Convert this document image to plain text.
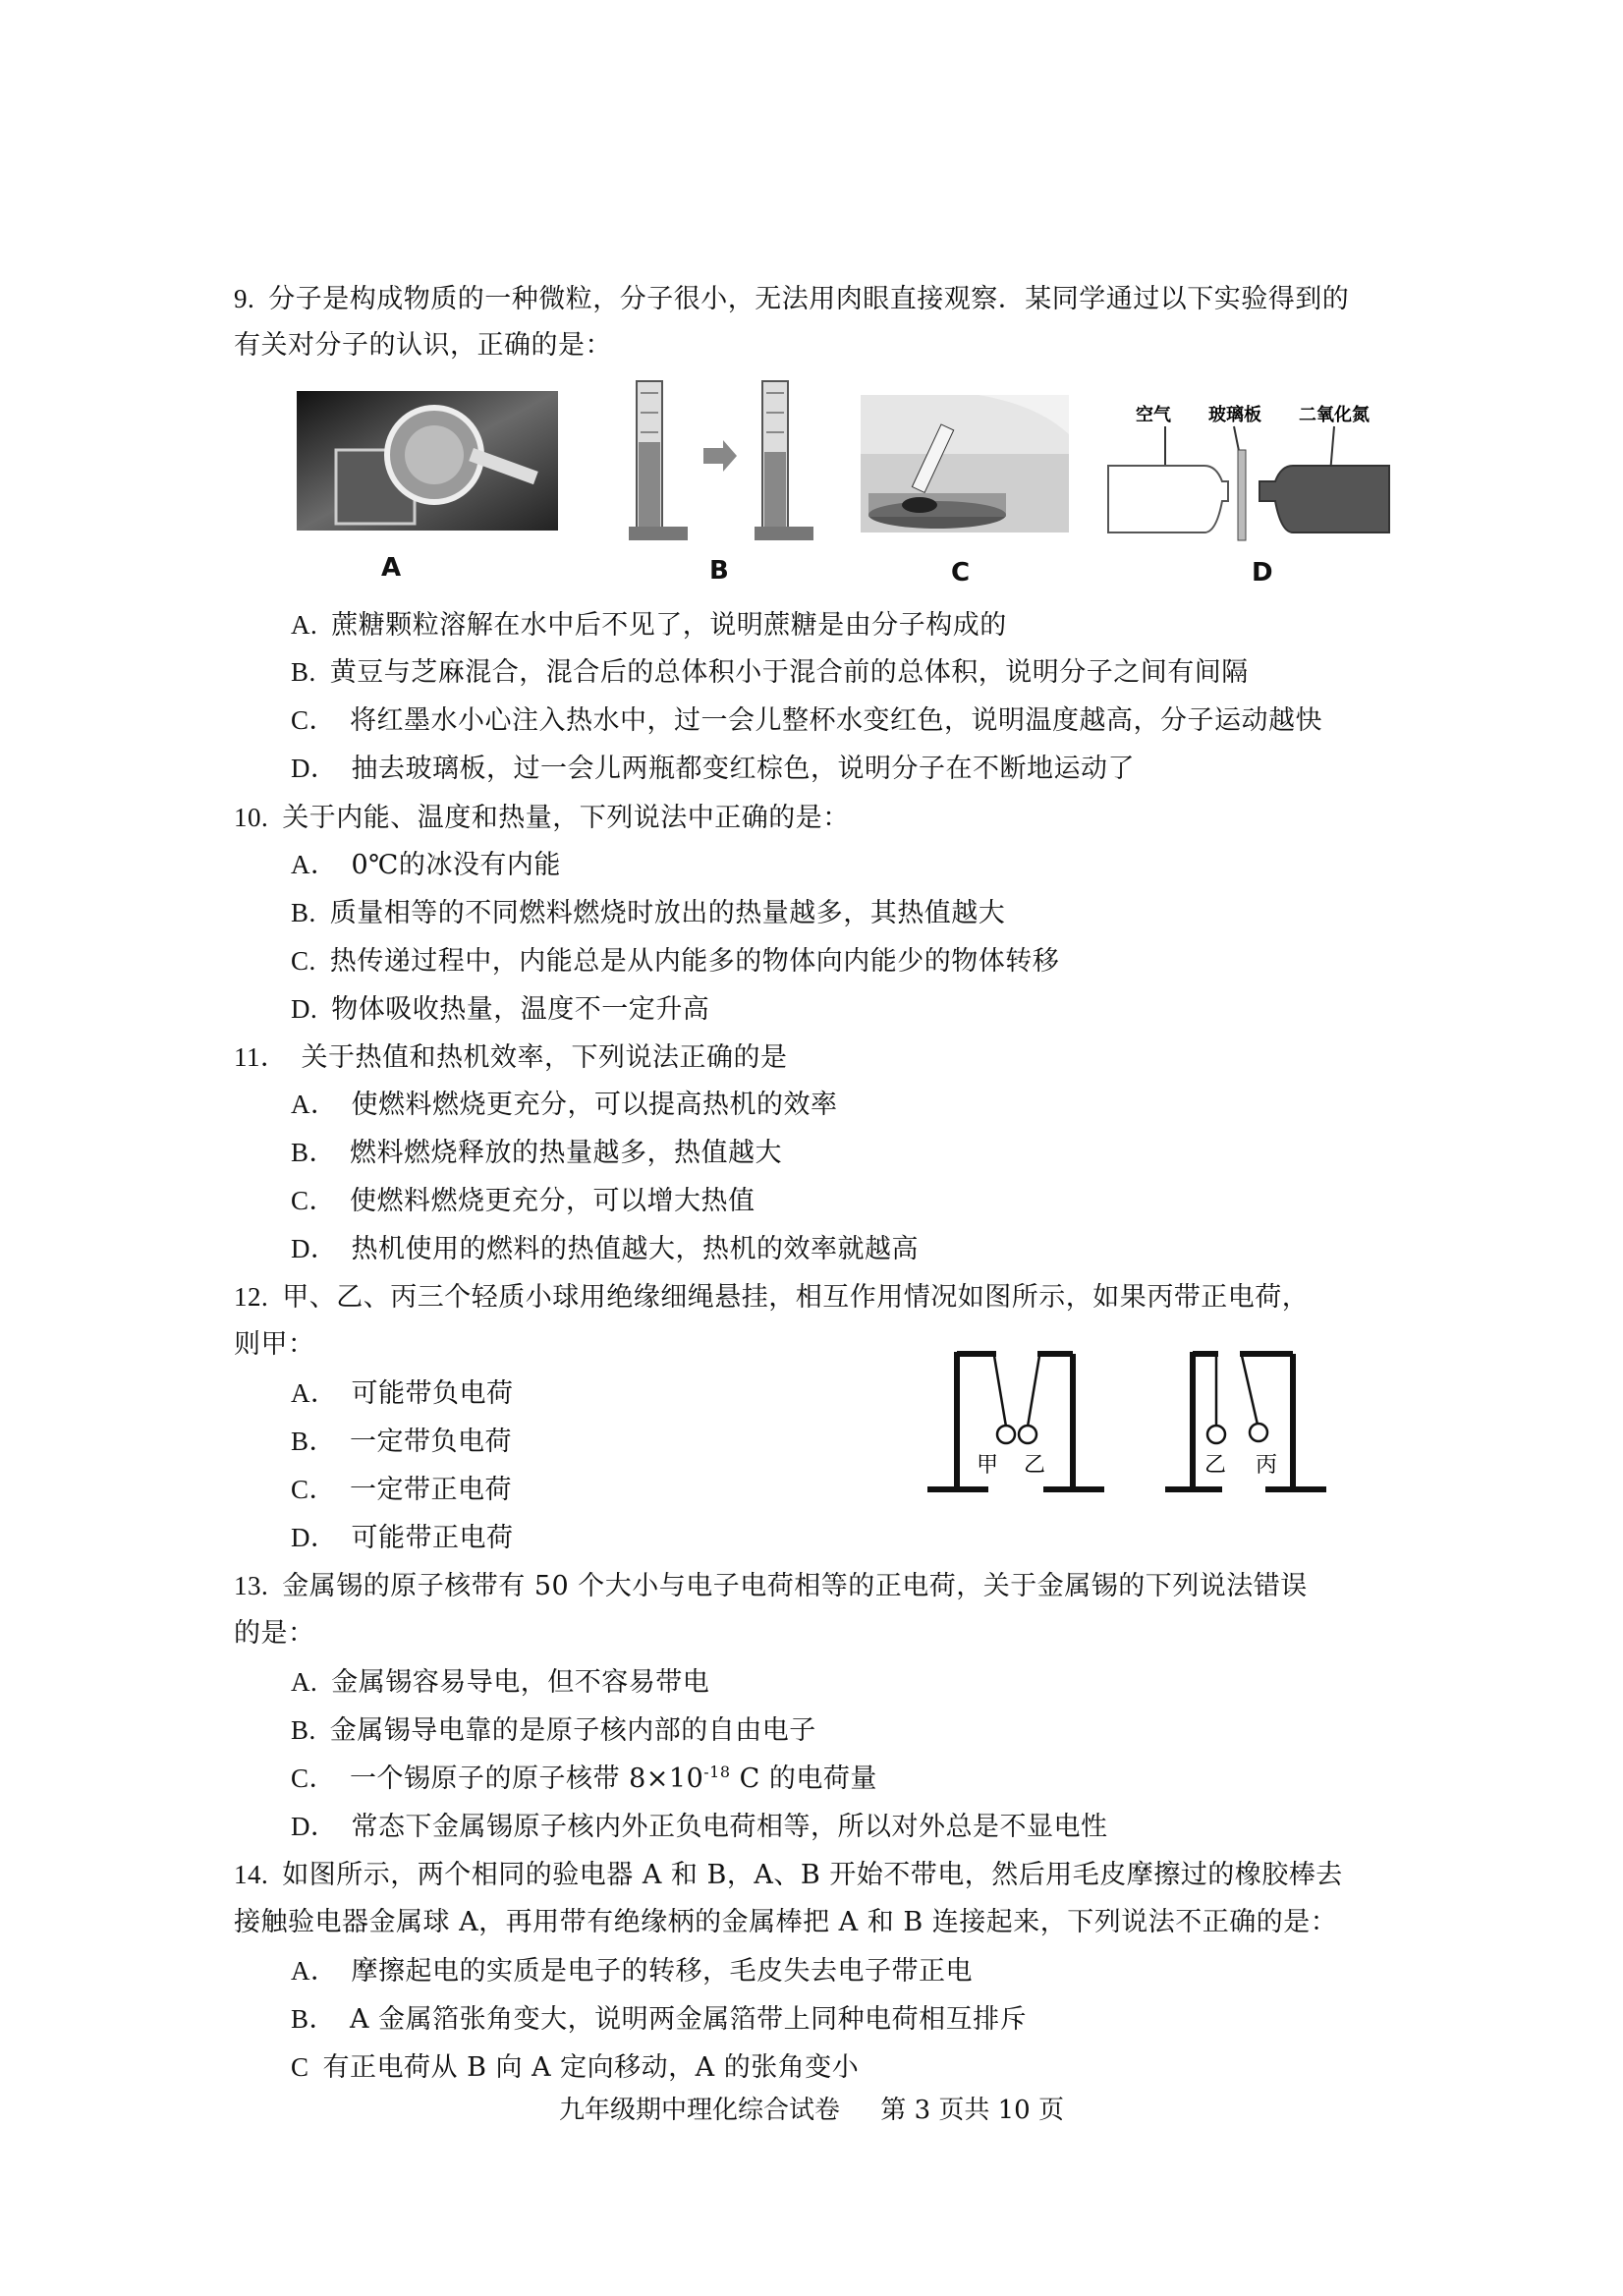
9. 分子是构成物质的一种微粒，分子很小，无法用肉眼直接观察．某同学通过以下实验得到的
有关对分子的认识，正确的是：
A	B	C
空气 玻璃板 二氧化氮
D
A. 蔗糖颗粒溶解在水中后不见了，说明蔗糖是由分子构成的
B. 黄豆与芝麻混合，混合后的总体积小于混合前的总体积，说明分子之间有间隔
C． 将红墨水小心注入热水中，过一会儿整杯水变红色，说明温度越高，分子运动越快
D． 抽去玻璃板，过一会儿两瓶都变红棕色，说明分子在不断地运动了
10. 关于内能、温度和热量，下列说法中正确的是：
A． 0℃的冰没有内能
B. 质量相等的不同燃料燃烧时放出的热量越多，其热值越大
C. 热传递过程中，内能总是从内能多的物体向内能少的物体转移
D. 物体吸收热量，温度不一定升高
11． 关于热值和热机效率，下列说法正确的是
A． 使燃料燃烧更充分，可以提高热机的效率
B． 燃料燃烧释放的热量越多，热值越大
C． 使燃料燃烧更充分，可以增大热值
D． 热机使用的燃料的热值越大，热机的效率就越高
12. 甲、乙、丙三个轻质小球用绝缘细绳悬挂，相互作用情况如图所示，如果丙带正电荷，
则甲：
A． 可能带负电荷
B． 一定带负电荷
C． 一定带正电荷
D． 可能带正电荷
甲 乙	乙 丙
13. 金属锡的原子核带有 50 个大小与电子电荷相等的正电荷，关于金属锡的下列说法错误
的是：
A. 金属锡容易导电，但不容易带电
B. 金属锡导电靠的是原子核内部的自由电子
C． 一个锡原子的原子核带 $8\times 10^{-18}$ C 的电荷量
D． 常态下金属锡原子核内外正负电荷相等，所以对外总是不显电性
14. 如图所示，两个相同的验电器 A 和 B，A、B 开始不带电，然后用毛皮摩擦过的橡胶棒去
接触验电器金属球 A，再用带有绝缘柄的金属棒把 A 和 B 连接起来，下列说法不正确的是：
A． 摩擦起电的实质是电子的转移，毛皮失去电子带正电
B． A 金属箔张角变大，说明两金属箔带上同种电荷相互排斥
C 有正电荷从 B 向 A 定向移动，A 的张角变小
九年级期中理化综合试卷     第 3 页共 10 页
